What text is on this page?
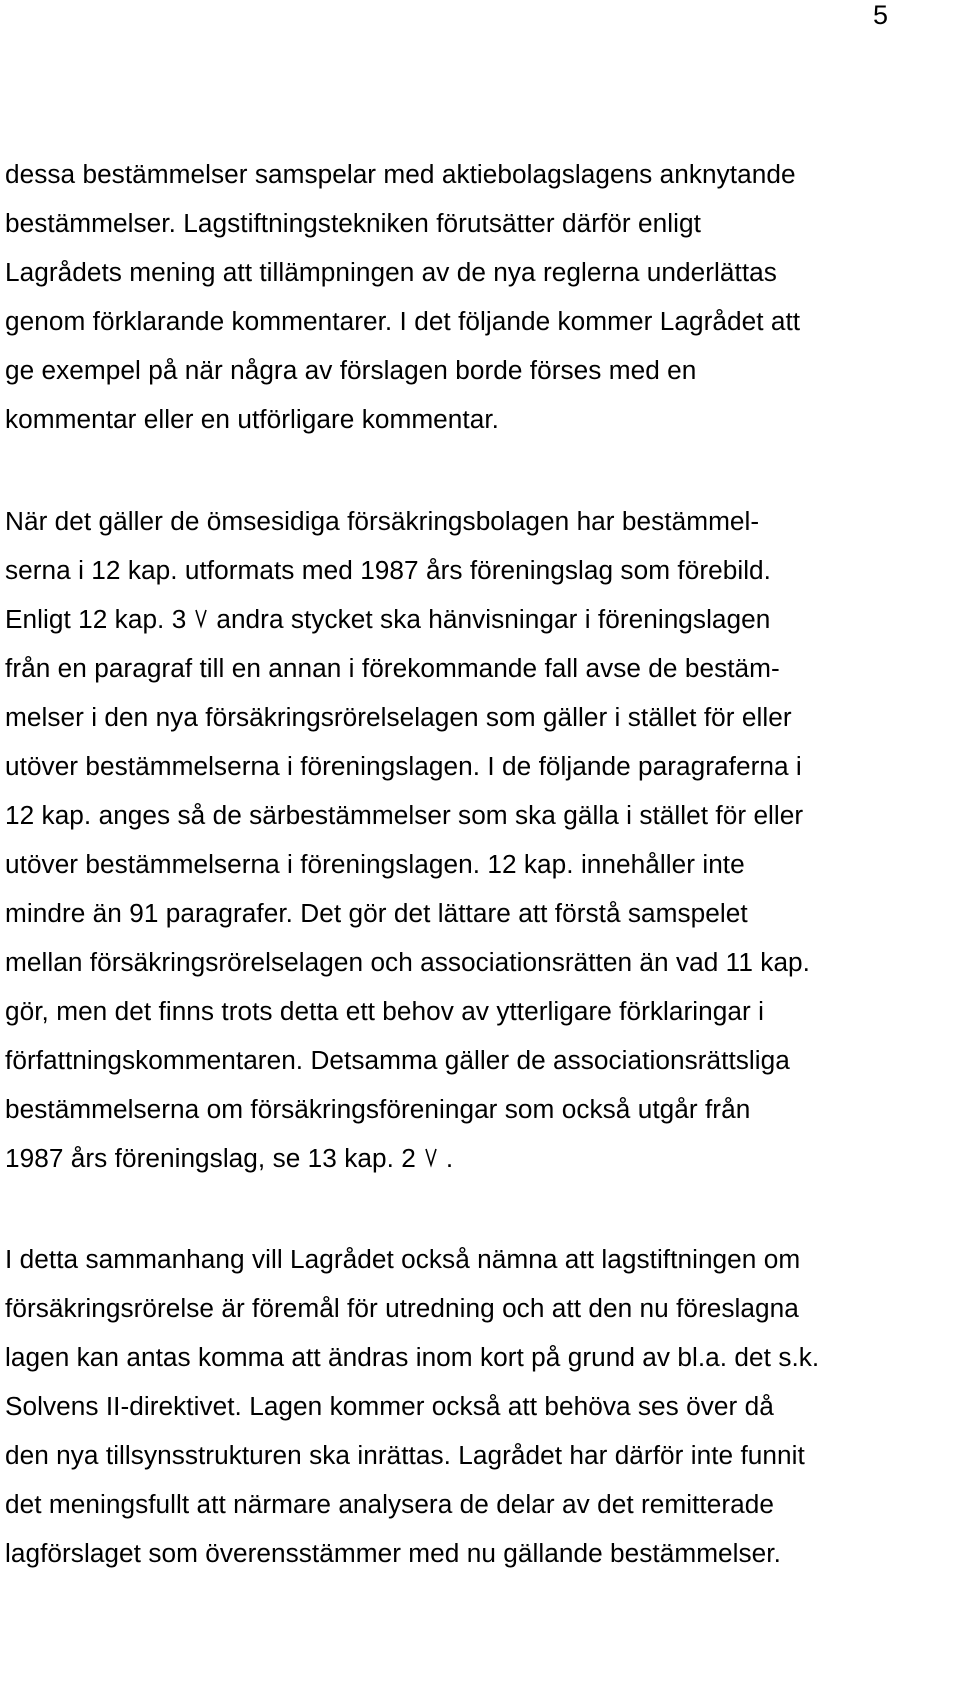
5
dessa bestämmelser samspelar med aktiebolagslagens anknytande
bestämmelser. Lagstiftningstekniken förutsätter därför enligt
Lagrådets mening att tillämpningen av de nya reglerna underlättas
genom förklarande kommentarer. I det följande kommer Lagrådet att
ge exempel på när några av förslagen borde förses med en
kommentar eller en utförligare kommentar.
När det gäller de ömsesidiga försäkringsbolagen har bestämmel-
serna i 12 kap. utformats med 1987 års föreningslag som förebild.
Enligt 12 kap. 3 andra stycket ska hänvisningar i föreningslagen
från en paragraf till en annan i förekommande fall avse de bestäm-
melser i den nya försäkringsrörelselagen som gäller i stället för eller
utöver bestämmelserna i föreningslagen. I de följande paragraferna i
12 kap. anges så de särbestämmelser som ska gälla i stället för eller
utöver bestämmelserna i föreningslagen. 12 kap. innehåller inte
mindre än 91 paragrafer. Det gör det lättare att förstå samspelet
mellan försäkringsrörelselagen och associationsrätten än vad 11 kap.
gör, men det finns trots detta ett behov av ytterligare förklaringar i
författningskommentaren. Detsamma gäller de associationsrättsliga
bestämmelserna om försäkringsföreningar som också utgår från
1987 års föreningslag, se 13 kap. 2 .
I detta sammanhang vill Lagrådet också nämna att lagstiftningen om
försäkringsrörelse är föremål för utredning och att den nu föreslagna
lagen kan antas komma att ändras inom kort på grund av bl.a. det s.k.
Solvens II-direktivet. Lagen kommer också att behöva ses över då
den nya tillsynsstrukturen ska inrättas. Lagrådet har därför inte funnit
det meningsfullt att närmare analysera de delar av det remitterade
lagförslaget som överensstämmer med nu gällande bestämmelser.
